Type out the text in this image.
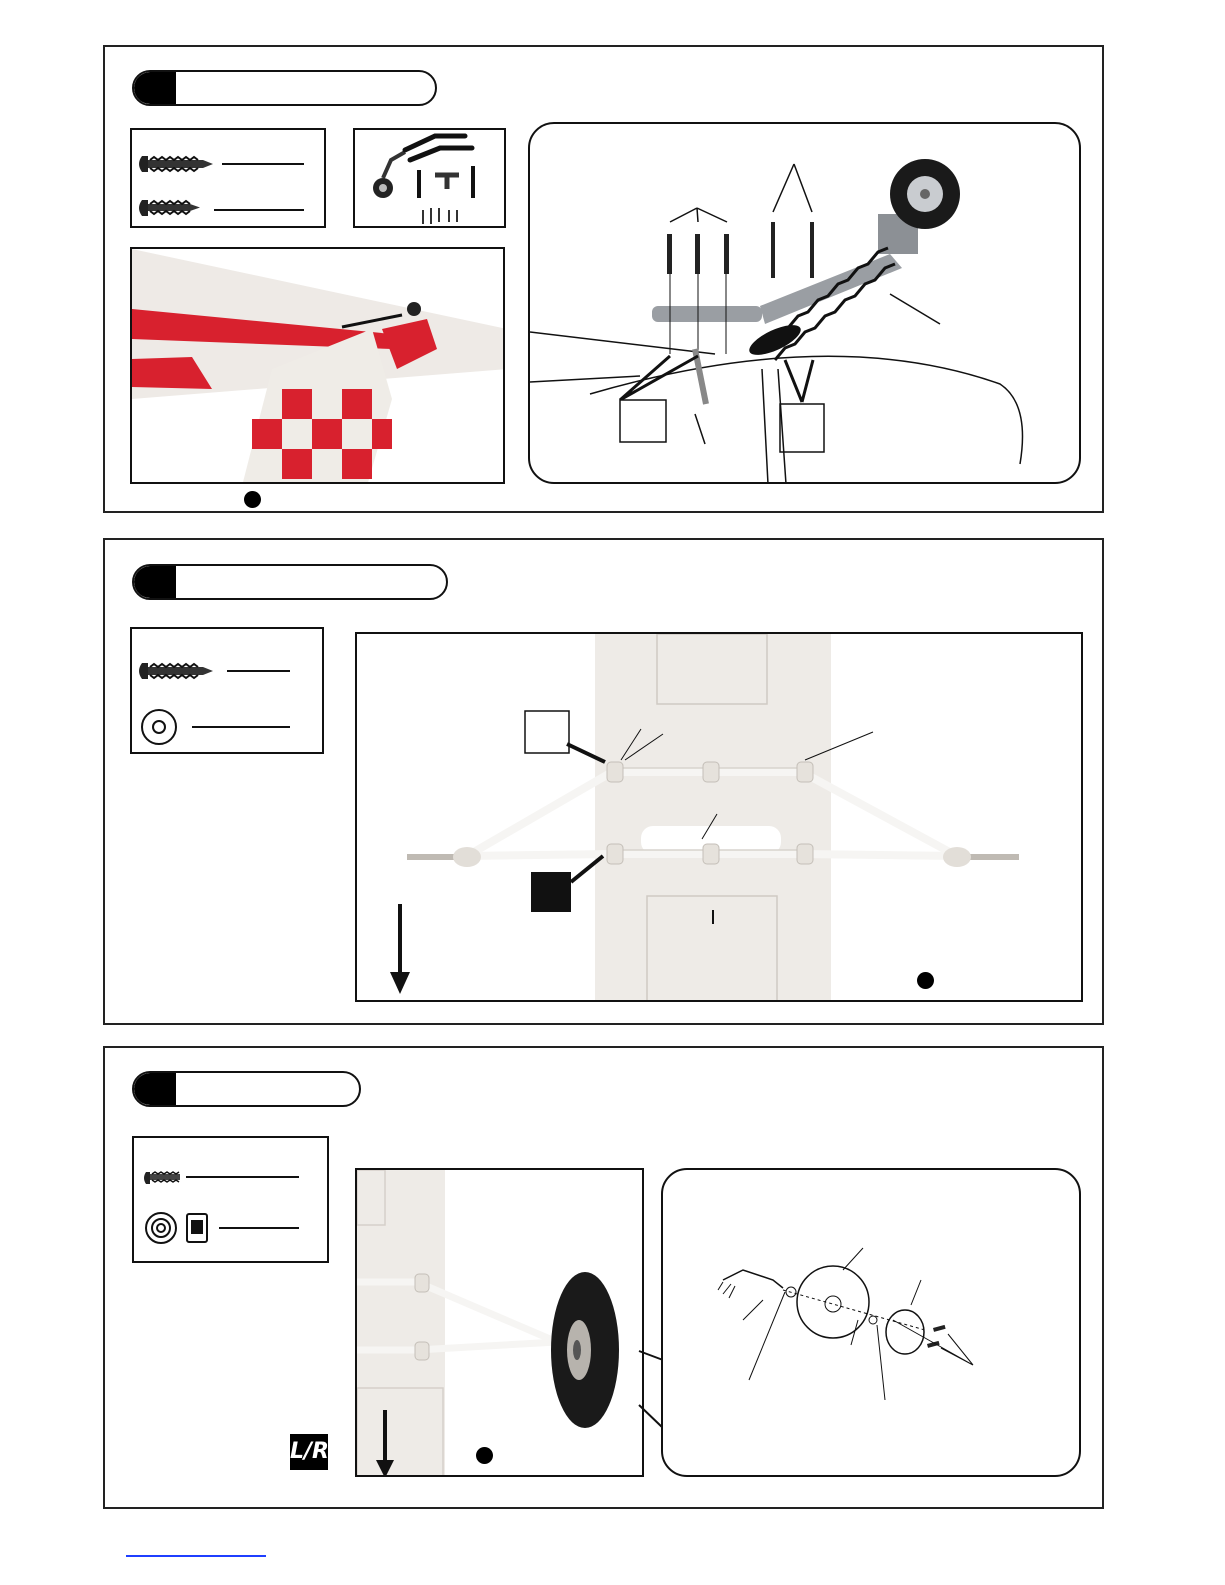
L/R
